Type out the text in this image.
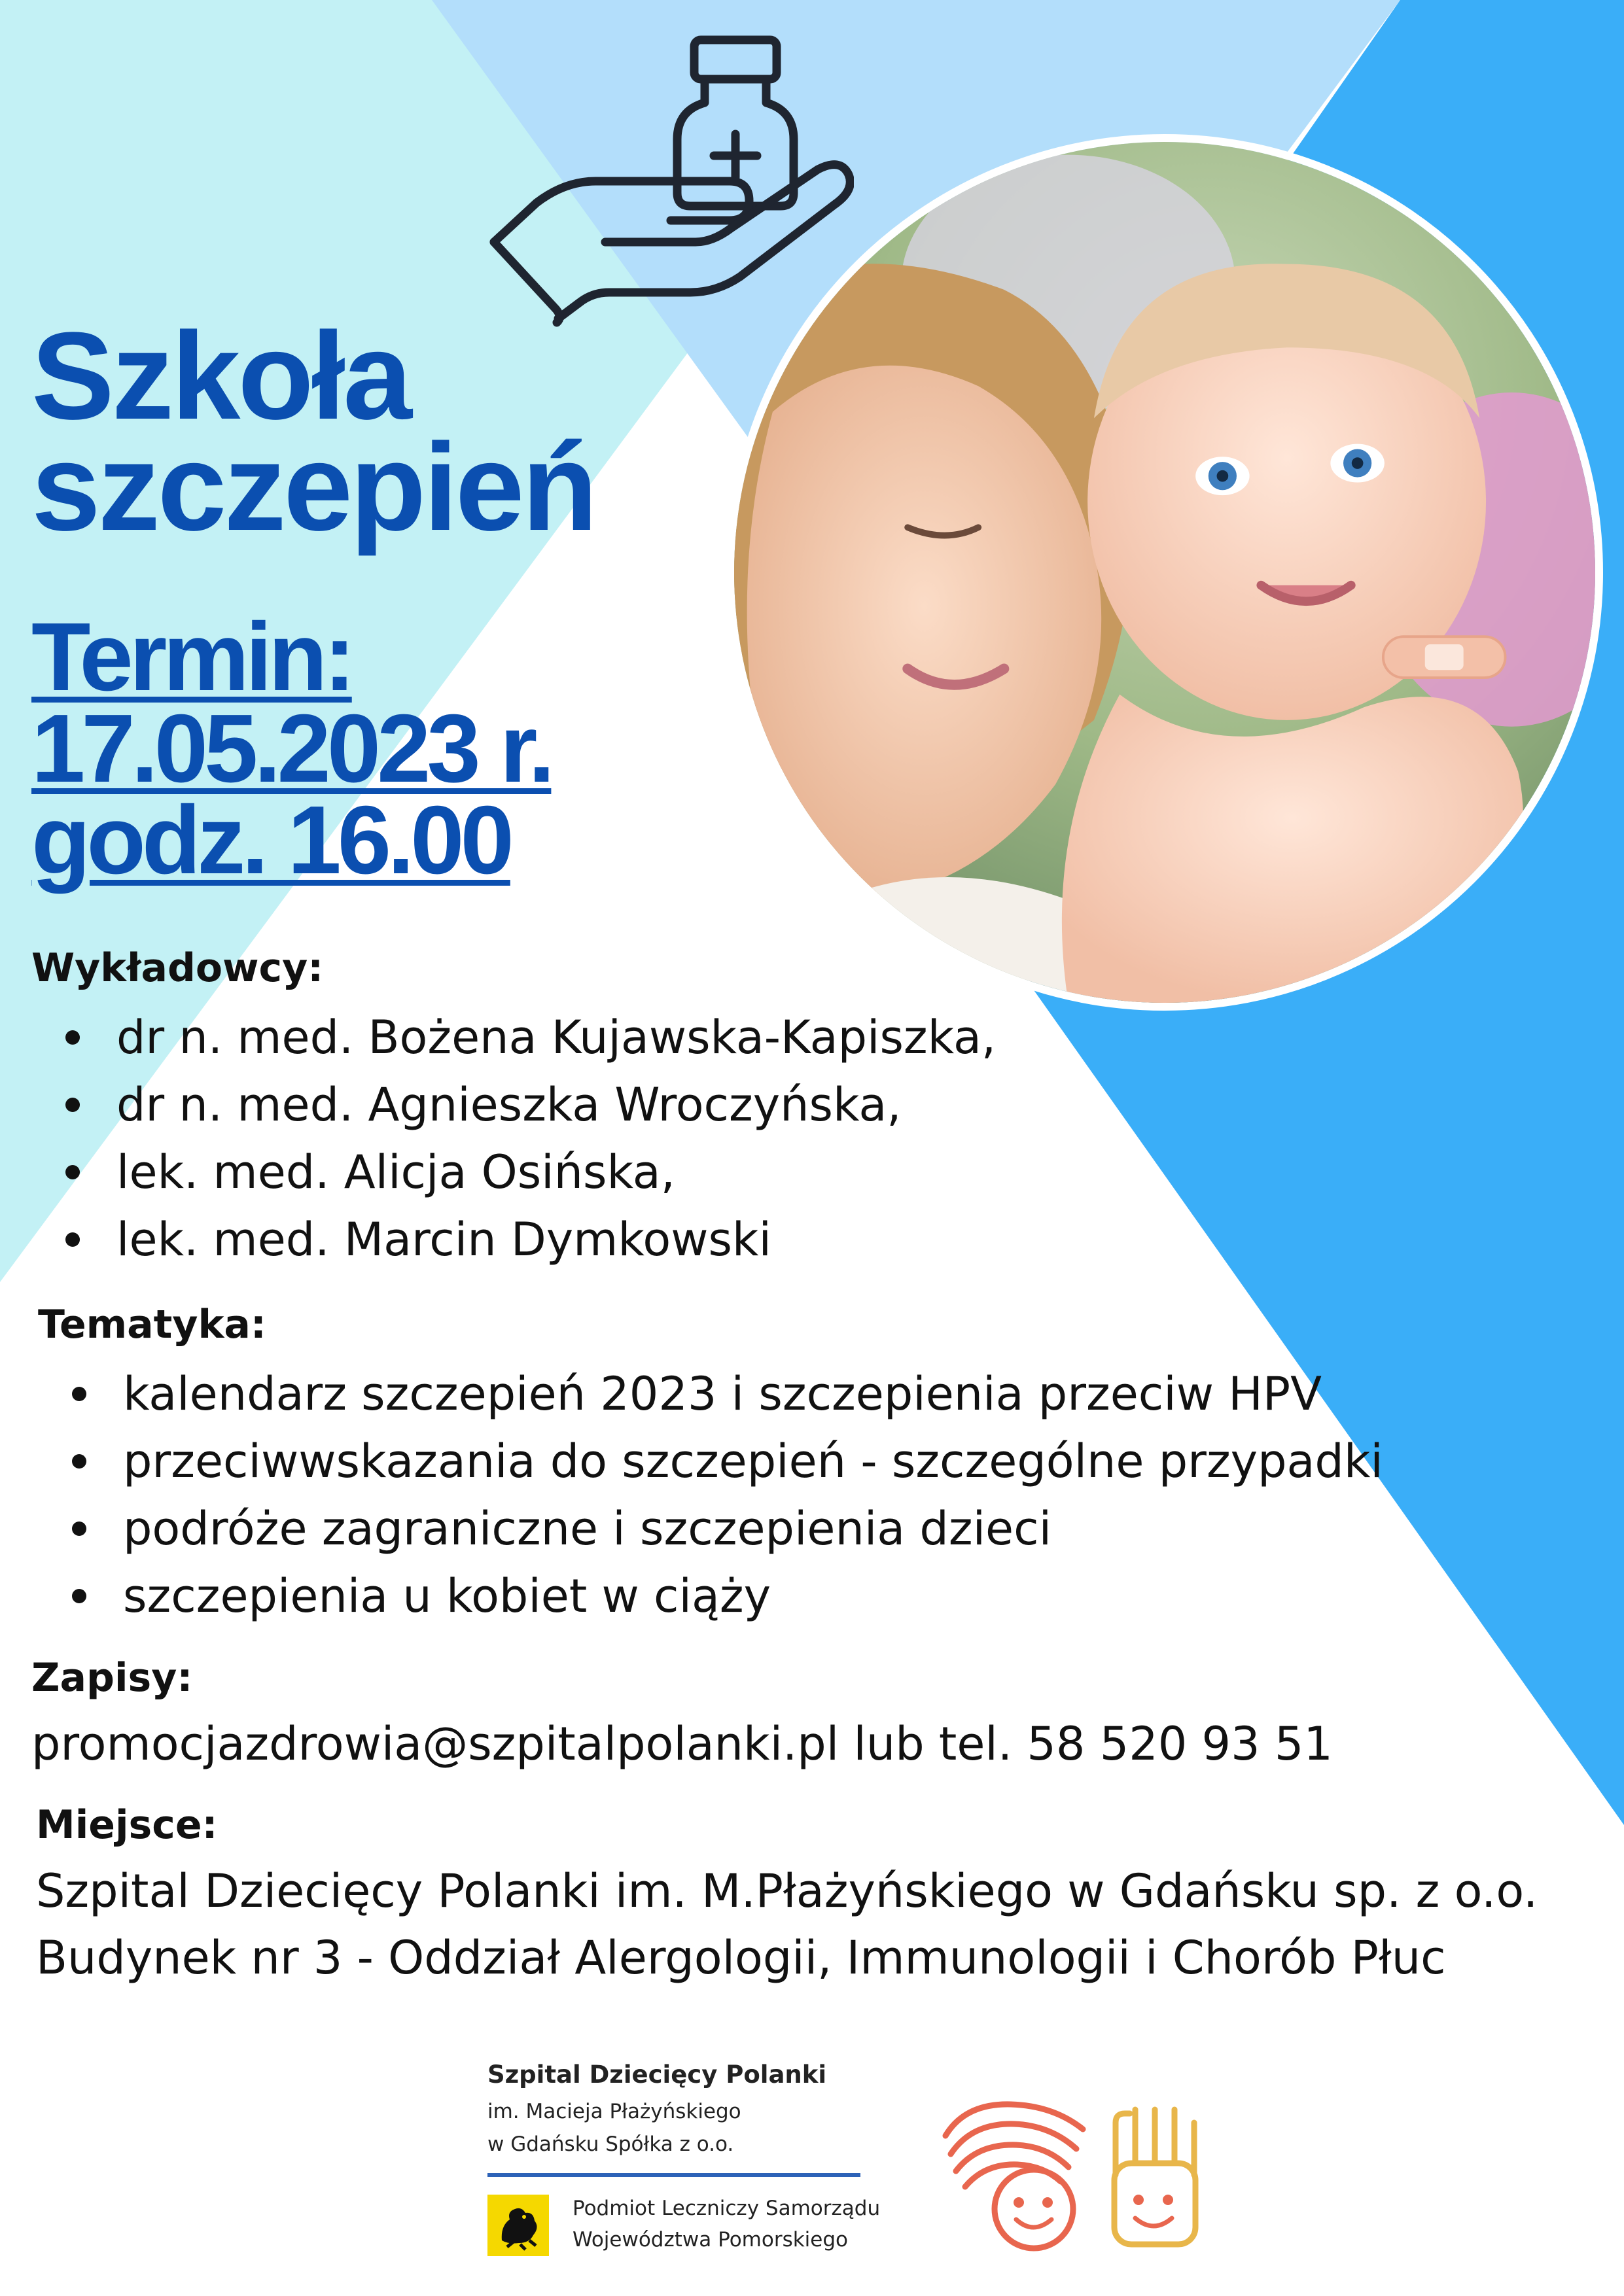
Szkoła
szczepień
Termin:
17.05.2023 r.
godz. 16.00
Wykładowcy:
dr n. med. Bożena Kujawska-Kapiszka,
dr n. med. Agnieszka Wroczyńska,
lek. med. Alicja Osińska,
lek. med. Marcin Dymkowski
Tematyka:
kalendarz szczepień 2023 i szczepienia przeciw HPV
przeciwwskazania do szczepień - szczególne przypadki
podróże zagraniczne i szczepienia dzieci
szczepienia u kobiet w ciąży
Zapisy:
promocjazdrowia@szpitalpolanki.pl lub tel. 58 520 93 51
Miejsce:
Szpital Dziecięcy Polanki im. M.Płażyńskiego w Gdańsku sp. z o.o.
Budynek nr 3 - Oddział Alergologii, Immunologii i Chorób Płuc
Szpital Dziecięcy Polanki
im. Macieja Płażyńskiego
w Gdańsku Spółka z o.o.
Podmiot Leczniczy Samorządu
Województwa Pomorskiego
